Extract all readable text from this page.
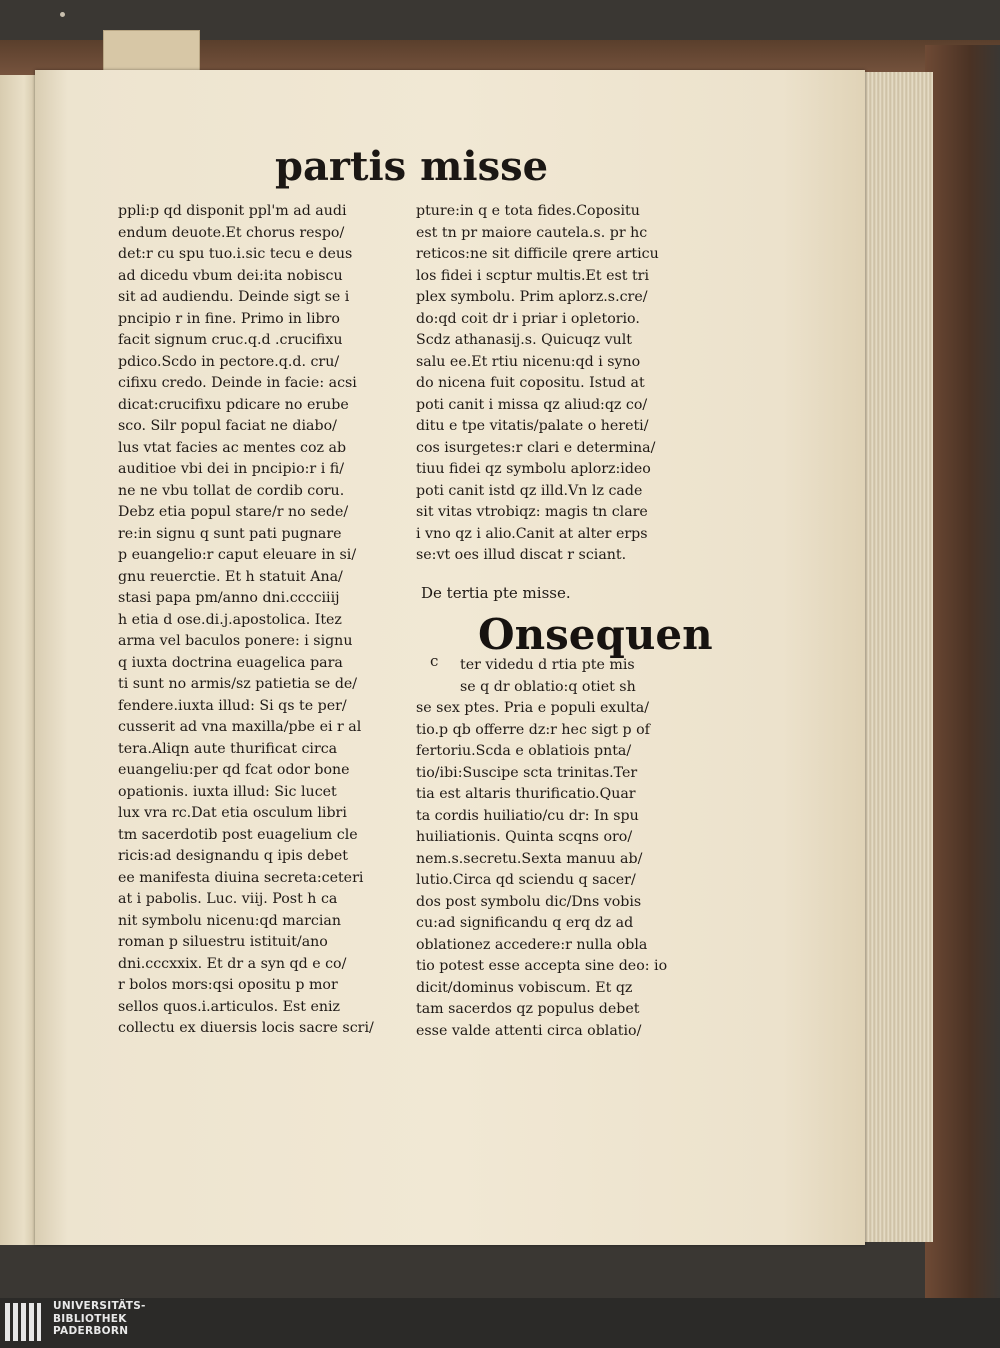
partis misse
ppli:p qd disponit ppl'm ad audi
endum deuote.Et chorus respo/
det:r cu spu tuo.i.sic tecu e deus
ad dicedu vbum dei:ita nobiscu
sit ad audiendu. Deinde sigt se i
pncipio r in fine. Primo in libro
facit signum cruc.q.d .crucifixu
pdico.Scdo in pectore.q.d. cru/
cifixu credo. Deinde in facie: acsi
dicat:crucifixu pdicare no erube
sco. Silr popul faciat ne diabo/
lus vtat facies ac mentes coz ab
auditioe vbi dei in pncipio:r i fi/
ne ne vbu tollat de cordib coru.
Debz etia popul stare/r no sede/
re:in signu q sunt pati pugnare
p euangelio:r caput eleuare in si/
gnu reuerctie. Et h statuit Ana/
stasi papa pm/anno dni.cccciiij
h etia d ose.di.j.apostolica. Itez
arma vel baculos ponere: i signu
q iuxta doctrina euagelica para
ti sunt no armis/sz patietia se de/
fendere.iuxta illud: Si qs te per/
cusserit ad vna maxilla/pbe ei r al
tera.Aliqn aute thurificat circa
euangeliu:per qd fcat odor bone
opationis. iuxta illud: Sic lucet
lux vra rc.Dat etia osculum libri
tm sacerdotib post euagelium cle
ricis:ad designandu q ipis debet
ee manifesta diuina secreta:ceteri
at i pabolis. Luc. viij. Post h ca
nit symbolu nicenu:qd marcian
roman p siluestru istituit/ano
dni.cccxxix. Et dr a syn qd e co/
r bolos mors:qsi opositu p mor
sellos quos.i.articulos. Est eniz
collectu ex diuersis locis sacre scri/
pture:in q e tota fides.Copositu
est tn pr maiore cautela.s. pr hc
reticos:ne sit difficile qrere articu
los fidei i scptur multis.Et est tri
plex symbolu. Prim aplorz.s.cre/
do:qd coit dr i priar i opletorio.
Scdz athanasij.s. Quicuqz vult
salu ee.Et rtiu nicenu:qd i syno
do nicena fuit copositu. Istud at
poti canit i missa qz aliud:qz co/
ditu e tpe vitatis/palate o hereti/
cos isurgetes:r clari e determina/
tiuu fidei qz symbolu aplorz:ideo
poti canit istd qz illd.Vn lz cade
sit vitas vtrobiqz: magis tn clare
i vno qz i alio.Canit at alter erps
se:vt oes illud discat r sciant.
De tertia pte misse.
Onsequen
c ter videdu d rtia pte mis
se q dr oblatio:q otiet sh
se sex ptes. Pria e populi exulta/
tio.p qb offerre dz:r hec sigt p of
fertoriu.Scda e oblatiois pnta/
tio/ibi:Suscipe scta trinitas.Ter
tia est altaris thurificatio.Quar
ta cordis huiliatio/cu dr: In spu
huiliationis. Quinta scqns oro/
nem.s.secretu.Sexta manuu ab/
lutio.Circa qd sciendu q sacer/
dos post symbolu dic/Dns vobis
cu:ad significandu q erq dz ad
oblationez accedere:r nulla obla
tio potest esse accepta sine deo: io
dicit/dominus vobiscum. Et qz
tam sacerdos qz populus debet
esse valde attenti circa oblatio/
UNIVERSITÄTS-
BIBLIOTHEK
PADERBORN
